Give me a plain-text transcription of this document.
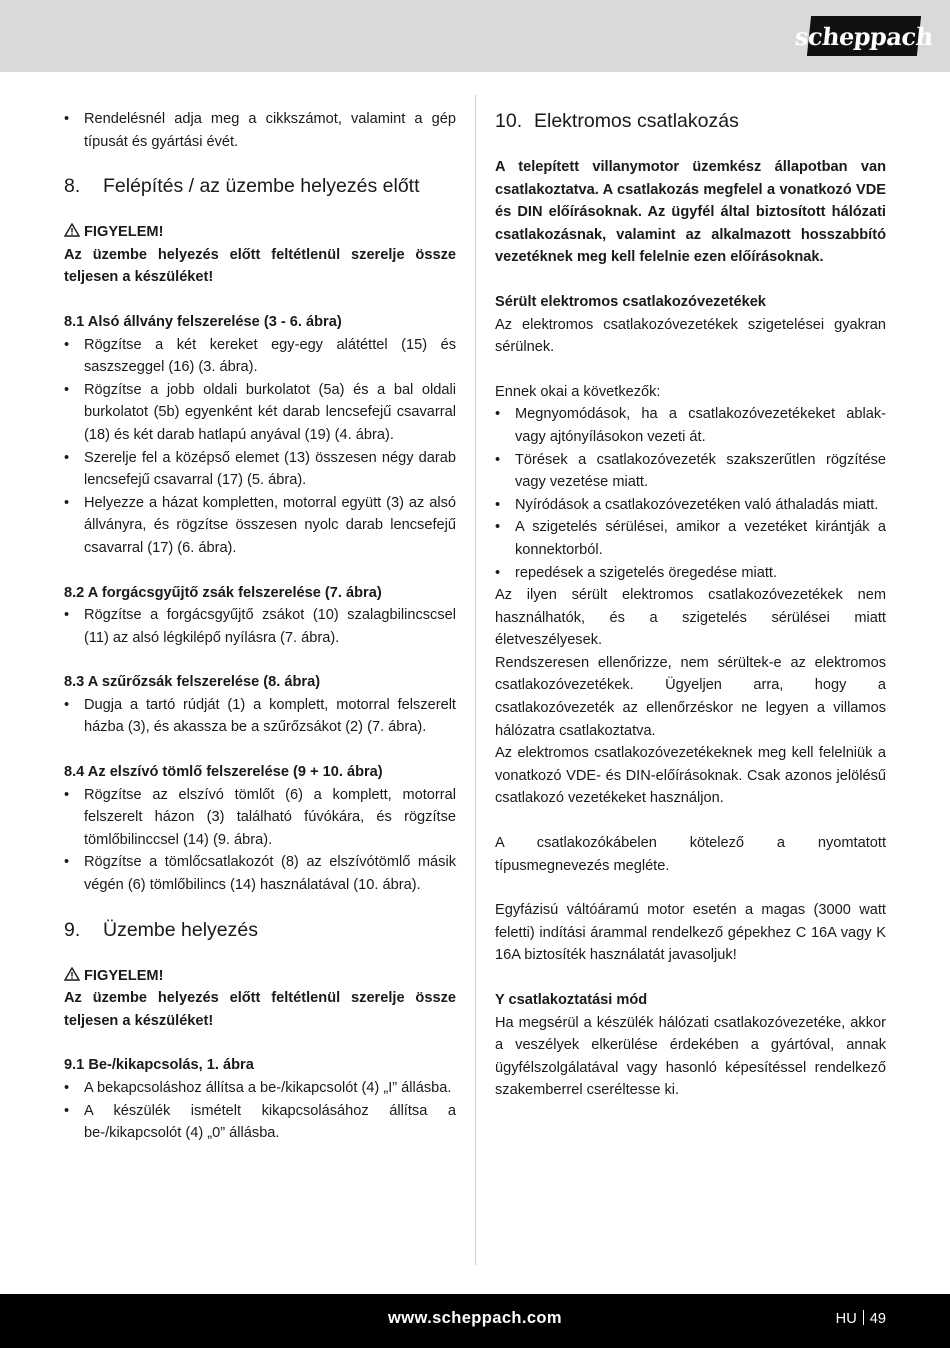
scheppach
• Rendelésnél adja meg a cikkszámot, valamint a gép típusát és gyártási évét.
8. Felépítés / az üzembe helyezés előtt
FIGYELEM!

Az üzembe helyezés előtt feltétlenül szerelje össze teljesen a készüléket!

8.1 Alsó állvány felszerelése (3 - 6. ábra)
• Rögzítse a két kereket egy-egy alátéttel (15) és saszszeggel (16) (3. ábra).
• Rögzítse a jobb oldali burkolatot (5a) és a bal oldali burkolatot (5b) egyenként két darab lencsefejű csavarral (18) és két darab hatlapú anyával (19) (4. ábra).
• Szerelje fel a középső elemet (13) összesen négy darab lencsefejű csavarral (17) (5. ábra).
• Helyezze a házat kompletten, motorral együtt (3) az alsó állványra, és rögzítse összesen nyolc darab lencsefejű csavarral (17) (6. ábra).
8.2 A forgácsgyűjtő zsák felszerelése (7. ábra)
• Rögzítse a forgácsgyűjtő zsákot (10) szalagbilincscsel (11) az alsó légkilépő nyílásra (7. ábra).
8.3 A szűrőzsák felszerelése (8. ábra)
• Dugja a tartó rúdját (1) a komplett, motorral felszerelt házba (3), és akassza be a szűrőzsákot (2) (7. ábra).
8.4 Az elszívó tömlő felszerelése (9 + 10. ábra)
• Rögzítse az elszívó tömlőt (6) a komplett, motorral felszerelt házon (3) található fúvókára, és rögzítse tömlőbilinccsel (14) (9. ábra).
• Rögzítse a tömlőcsatlakozót (8) az elszívótömlő másik végén (6) tömlőbilincs (14) használatával (10. ábra).
9. Üzembe helyezés
FIGYELEM!

Az üzembe helyezés előtt feltétlenül szerelje össze teljesen a készüléket!

9.1 Be-/kikapcsolás, 1. ábra
• A bekapcsoláshoz állítsa a be-/kikapcsolót (4) „I” állásba.
• A készülék ismételt kikapcsolásához állítsa a be-/kikapcsolót (4) „0” állásba.
10. Elektromos csatlakozás

A telepített villanymotor üzemkész állapotban van csatlakoztatva. A csatlakozás megfelel a vonatkozó VDE és DIN előírásoknak. Az ügyfél által biztosított hálózati csatlakozásnak, valamint az alkalmazott hosszabbító vezetéknek meg kell felelnie ezen előírásoknak.

Sérült elektromos csatlakozóvezetékek

Az elektromos csatlakozóvezetékek szigetelései gyakran sérülnek.

Ennek okai a következők:

• Megnyomódások, ha a csatlakozóvezetékeket ablak- vagy ajtónyílásokon vezeti át.
• Törések a csatlakozóvezeték szakszerűtlen rögzítése vagy vezetése miatt.
• Nyíródások a csatlakozóvezetéken való áthaladás miatt.
• A szigetelés sérülései, amikor a vezetéket kirántják a konnektorból.
• repedések a szigetelés öregedése miatt.

Az ilyen sérült elektromos csatlakozóvezetékek nem használhatók, és a szigetelés sérülései miatt életveszélyesek.

Rendszeresen ellenőrizze, nem sérültek-e az elektromos csatlakozóvezetékek. Ügyeljen arra, hogy a csatlakozóvezeték az ellenőrzéskor ne legyen a villamos hálózatra csatlakoztatva.

Az elektromos csatlakozóvezetékeknek meg kell felelniük a vonatkozó VDE- és DIN-előírásoknak. Csak azonos jelölésű csatlakozó vezetékeket használjon.

A csatlakozókábelen kötelező a nyomtatott típusmegnevezés megléte.

Egyfázisú váltóáramú motor esetén a magas (3000 watt feletti) indítási árammal rendelkező gépekhez C 16A vagy K 16A biztosíték használatát javasoljuk!

Y csatlakoztatási mód

Ha megsérül a készülék hálózati csatlakozóvezetéke, akkor a veszélyek elkerülése érdekében a gyártóval, annak ügyfélszolgálatával vagy hasonló képesítéssel rendelkező szakemberrel cseréltesse ki.

www.scheppach.com	HU 49
